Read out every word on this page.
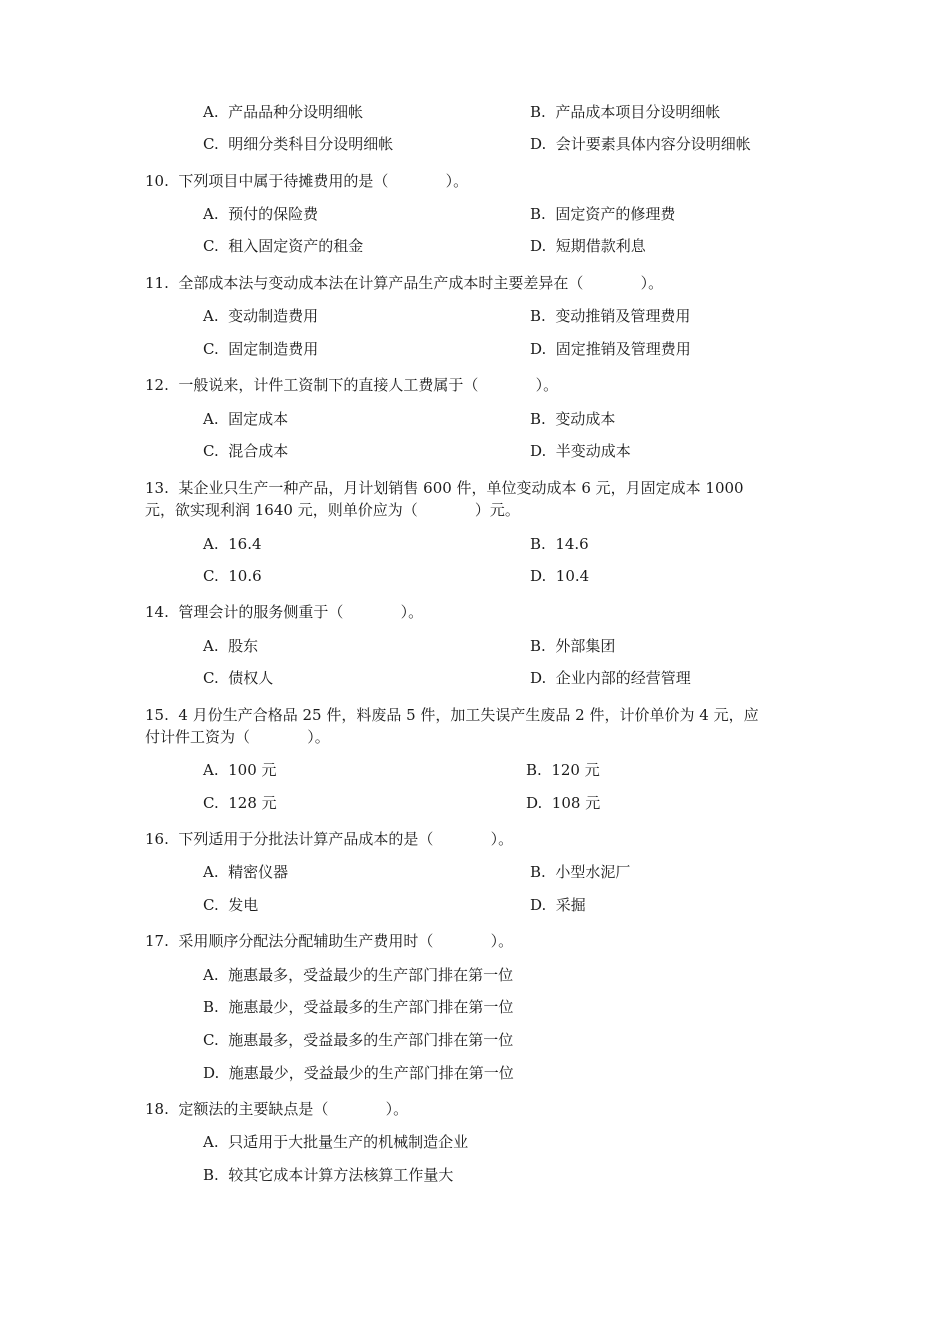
A.  产品品种分设明细帐	B.  产品成本项目分设明细帐
C.  明细分类科目分设明细帐	D.  会计要素具体内容分设明细帐
10.  下列项目中属于待摊费用的是（            ）。
A.  预付的保险费	B.  固定资产的修理费
C.  租入固定资产的租金	D.  短期借款利息
11.  全部成本法与变动成本法在计算产品生产成本时主要差异在（            ）。
A.  变动制造费用	B.  变动推销及管理费用
C.  固定制造费用	D.  固定推销及管理费用
12.  一般说来，计件工资制下的直接人工费属于（            ）。
A.  固定成本	B.  变动成本
C.  混合成本	D.  半变动成本
13.  某企业只生产一种产品，月计划销售 600 件，单位变动成本 6 元，月固定成本 1000
元，欲实现利润 1640 元，则单价应为（            ）元。
A.  16.4	B.  14.6
C.  10.6	D.  10.4
14.  管理会计的服务侧重于（            ）。
A.  股东	B.  外部集团
C.  债权人	D.  企业内部的经营管理
15.  4 月份生产合格品 25 件，料废品 5 件，加工失误产生废品 2 件，计价单价为 4 元，应
付计件工资为（            ）。
A.  100 元	B.  120 元
C.  128 元	D.  108 元
16.  下列适用于分批法计算产品成本的是（            ）。
A.  精密仪器	B.  小型水泥厂
C.  发电	D.  采掘
17.  采用顺序分配法分配辅助生产费用时（            ）。
A.  施惠最多，受益最少的生产部门排在第一位
B.  施惠最少，受益最多的生产部门排在第一位
C.  施惠最多，受益最多的生产部门排在第一位
D.  施惠最少，受益最少的生产部门排在第一位
18.  定额法的主要缺点是（            ）。
A.  只适用于大批量生产的机械制造企业
B.  较其它成本计算方法核算工作量大
